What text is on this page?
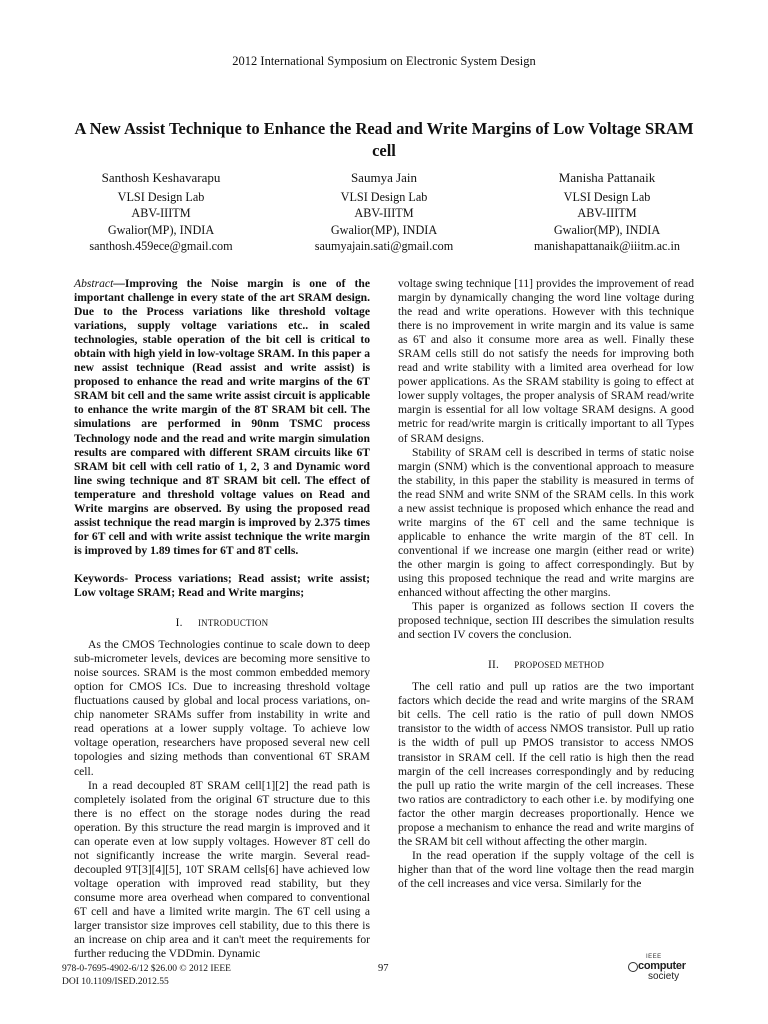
2012 International Symposium on Electronic System Design
A New Assist Technique to Enhance the Read and Write Margins of Low Voltage SRAM cell
Santhosh Keshavarapu
VLSI Design Lab
ABV-IIITM
Gwalior(MP), INDIA
santhosh.459ece@gmail.com
Saumya Jain
VLSI Design Lab
ABV-IIITM
Gwalior(MP), INDIA
saumyajain.sati@gmail.com
Manisha Pattanaik
VLSI Design Lab
ABV-IIITM
Gwalior(MP), INDIA
manishapattanaik@iiitm.ac.in

Abstract—Improving the Noise margin is one of the important challenge in every state of the art SRAM design. Due to the Process variations like threshold voltage variations, supply voltage variations etc.. in scaled technologies, stable operation of the bit cell is critical to obtain with high yield in low-voltage SRAM. In this paper a new assist technique (Read assist and write assist) is proposed to enhance the read and write margins of the 6T SRAM bit cell and the same write assist circuit is applicable to enhance the write margin of the 8T SRAM bit cell. The simulations are performed in 90nm TSMC process Technology node and the read and write margin simulation results are compared with different SRAM circuits like 6T SRAM bit cell with cell ratio of 1, 2, 3 and Dynamic word line swing technique and 8T SRAM bit cell. The effect of temperature and threshold voltage values on Read and Write margins are observed. By using the proposed read assist technique the read margin is improved by 2.375 times for 6T cell and with write assist technique the write margin is improved by 1.89 times for 6T and 8T cells.

Keywords- Process variations; Read assist; write assist; Low voltage SRAM; Read and Write margins;

I. INTRODUCTION

As the CMOS Technologies continue to scale down to deep sub-micrometer levels, devices are becoming more sensitive to noise sources. SRAM is the most common embedded memory option for CMOS ICs. Due to increasing threshold voltage fluctuations caused by global and local process variations, on-chip nanometer SRAMs suffer from instability in write and read operations at a lower supply voltage. To achieve low voltage operation, researchers have proposed several new cell topologies and sizing methods than conventional 6T SRAM cell.

In a read decoupled 8T SRAM cell[1][2] the read path is completely isolated from the original 6T structure due to this there is no effect on the storage nodes during the read operation. By this structure the read margin is improved and it can operate even at low supply voltages. However 8T cell do not significantly increase the write margin. Several read-decoupled 9T[3][4][5], 10T SRAM cells[6] have achieved low voltage operation with improved read stability, but they consume more area overhead when compared to conventional 6T cell and have a limited write margin. The 6T cell using a larger transistor size improves cell stability, due to this there is an increase on chip area and it can't meet the requirements for further reducing the VDDmin. Dynamic

voltage swing technique [11] provides the improvement of read margin by dynamically changing the word line voltage during the read and write operations. However with this technique there is no improvement in write margin and its value is same as 6T and also it consume more area as well. Finally these SRAM cells still do not satisfy the needs for improving both read and write stability with a limited area overhead for low power applications. As the SRAM stability is going to effect at lower supply voltages, the proper analysis of SRAM read/write margin is essential for all low voltage SRAM designs. A good metric for read/write margin is critically important to all Types of SRAM designs.

Stability of SRAM cell is described in terms of static noise margin (SNM) which is the conventional approach to measure the stability, in this paper the stability is measured in terms of the read SNM and write SNM of the SRAM cells. In this work a new assist technique is proposed which enhance the read and write margins of the 6T cell and the same technique is applicable to enhance the write margin of the 8T cell. In conventional if we increase one margin (either read or write) the other margin is going to affect correspondingly. But by using this proposed technique the read and write margins are enhanced without affecting the other margins.

This paper is organized as follows section II covers the proposed technique, section III describes the simulation results and section IV covers the conclusion.

II. PROPOSED METHOD

The cell ratio and pull up ratios are the two important factors which decide the read and write margins of the SRAM bit cells. The cell ratio is the ratio of pull down NMOS transistor to the width of access NMOS transistor. Pull up ratio is the width of pull up PMOS transistor to access NMOS transistor in SRAM cell. If the cell ratio is high then the read margin of the cell increases correspondingly and by reducing the pull up ratio the write margin of the cell increases. These two ratios are contradictory to each other i.e. by modifying one factor the other margin decreases proportionally. Hence we propose a mechanism to enhance the read and write margins of the SRAM bit cell without affecting the other margin.

In the read operation if the supply voltage of the cell is higher than that of the word line voltage then the read margin of the cell increases and vice versa. Similarly for the

978-0-7695-4902-6/12 $26.00 © 2012 IEEE
DOI 10.1109/ISED.2012.55
97
IEEE
computer
society
